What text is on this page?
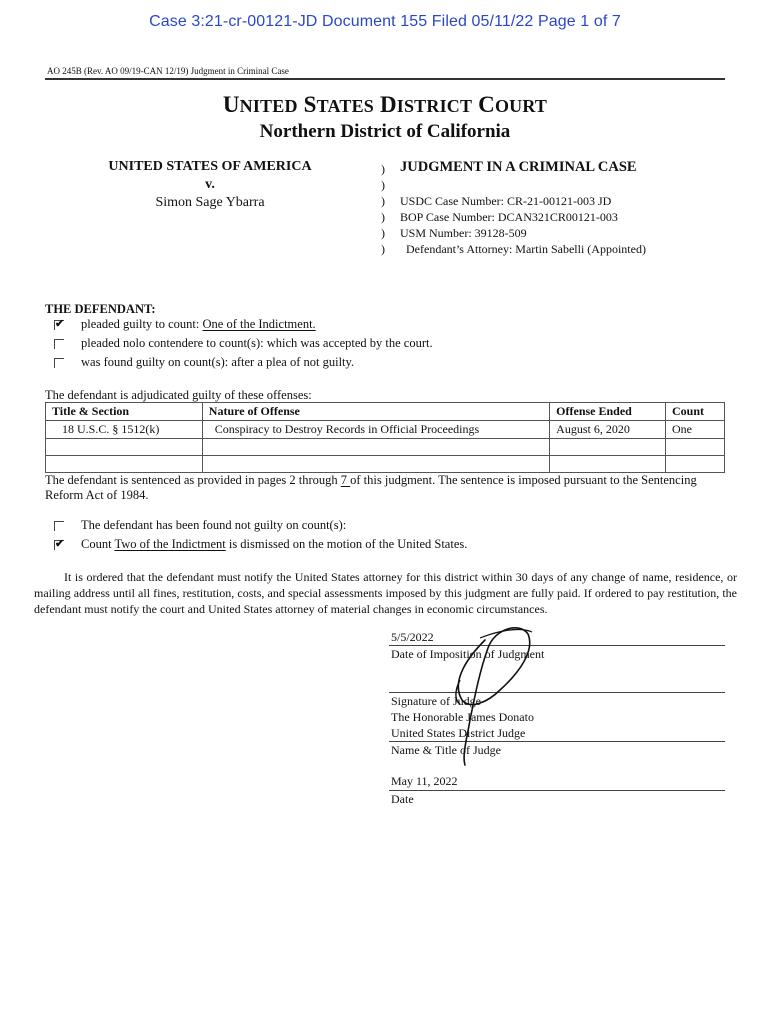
Case 3:21-cr-00121-JD Document 155 Filed 05/11/22 Page 1 of 7
AO 245B (Rev. AO 09/19-CAN 12/19) Judgment in Criminal Case
UNITED STATES DISTRICT COURT
Northern District of California
UNITED STATES OF AMERICA
v.
Simon Sage Ybarra
)
)
)
)
)
)
JUDGMENT IN A CRIMINAL CASE
USDC Case Number: CR-21-00121-003 JD
BOP Case Number: DCAN321CR00121-003
USM Number: 39128-509
Defendant’s Attorney: Martin Sabelli (Appointed)
THE DEFENDANT:
✔ pleaded guilty to count: One of the Indictment.
pleaded nolo contendere to count(s): which was accepted by the court.
was found guilty on count(s): after a plea of not guilty.
The defendant is adjudicated guilty of these offenses:
Title & Section	Nature of Offense	Offense Ended	Count
18 U.S.C. § 1512(k)	Conspiracy to Destroy Records in Official Proceedings	August 6, 2020	One

The defendant is sentenced as provided in pages 2 through 7 of this judgment. The sentence is imposed pursuant to the Sentencing
Reform Act of 1984.
The defendant has been found not guilty on count(s):
✔ Count Two of the Indictment is dismissed on the motion of the United States.
It is ordered that the defendant must notify the United States attorney for this district within 30 days of any change of name, residence, or mailing address until all fines, restitution, costs, and special assessments imposed by this judgment are fully paid. If ordered to pay restitution, the defendant must notify the court and United States attorney of material changes in economic circumstances.
5/5/2022
Date of Imposition of Judgment
Signature of Judge
The Honorable James Donato
United States District Judge
Name & Title of Judge
May 11, 2022
Date
